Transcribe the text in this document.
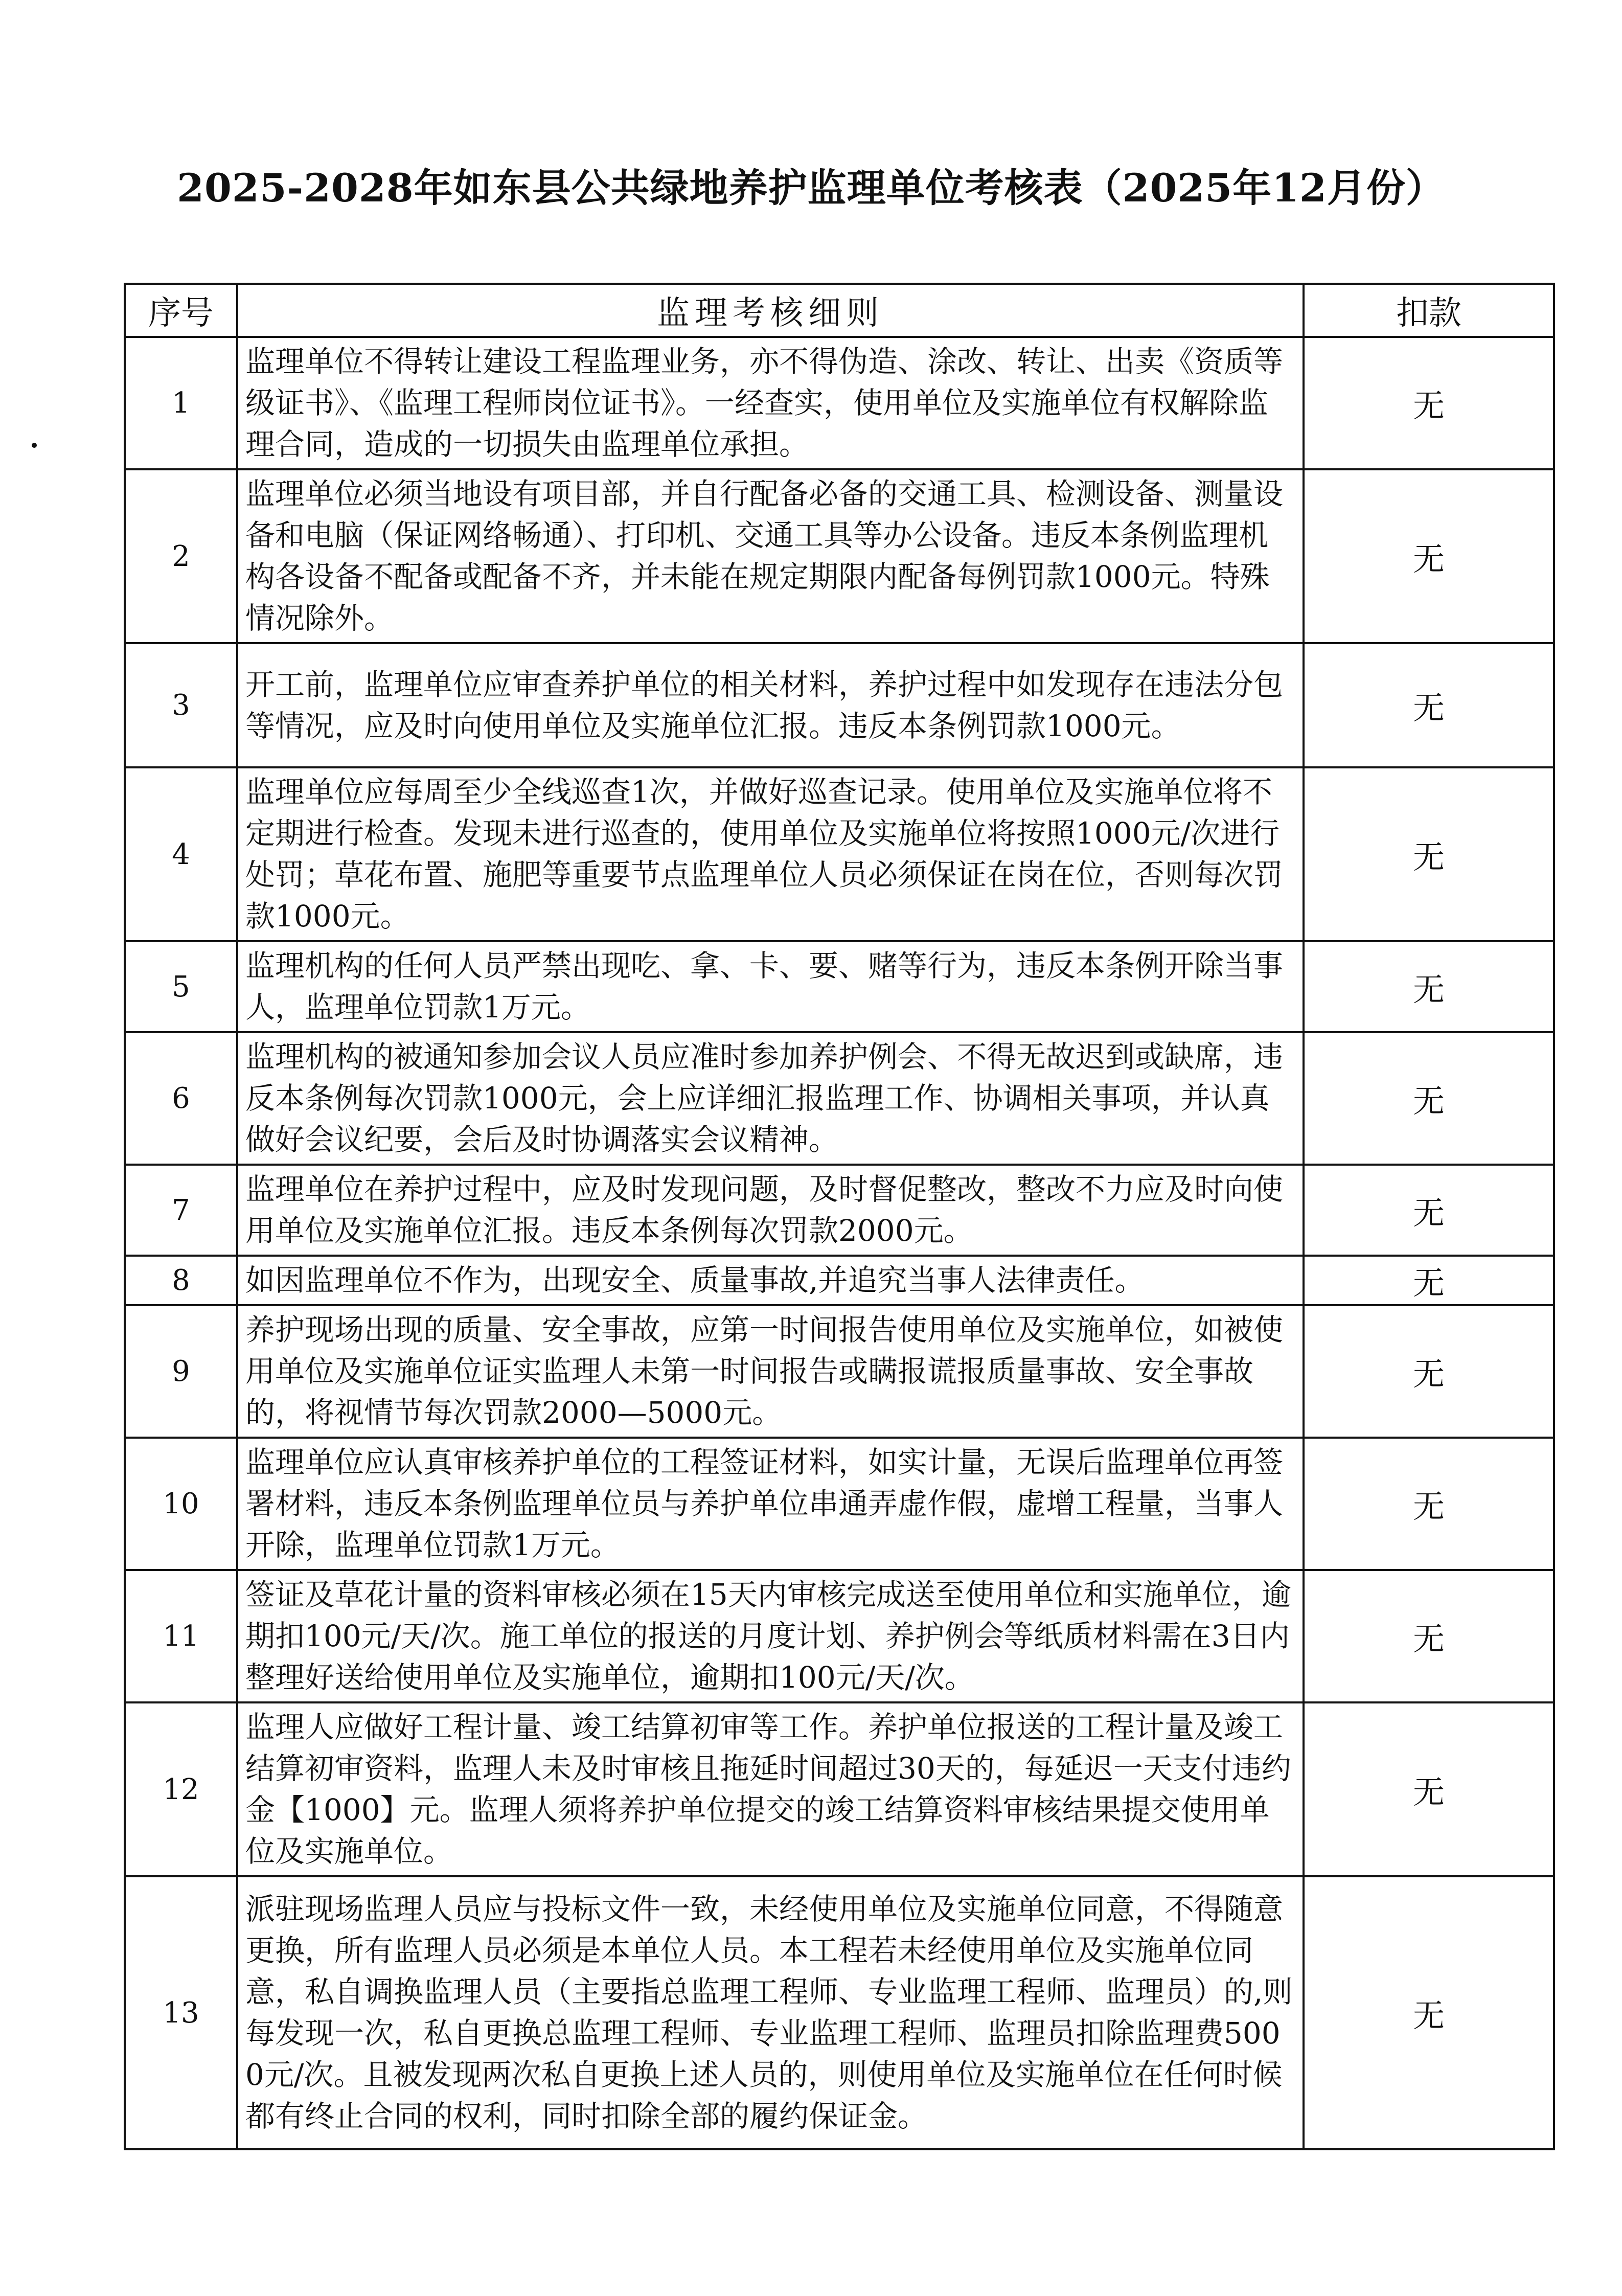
2025-2028年如东县公共绿地养护监理单位考核表（2025年12月份）
序号	监理考核细则	扣款
1	监理单位不得转让建设工程监理业务，亦不得伪造、涂改、转让、出卖《资质等级证书》、《监理工程师岗位证书》。一经查实，使用单位及实施单位有权解除监理合同，造成的一切损失由监理单位承担。	无
2	监理单位必须当地设有项目部，并自行配备必备的交通工具、检测设备、测量设备和电脑（保证网络畅通）、打印机、交通工具等办公设备。违反本条例监理机构各设备不配备或配备不齐，并未能在规定期限内配备每例罚款1000元。特殊情况除外。	无
3	开工前，监理单位应审查养护单位的相关材料，养护过程中如发现存在违法分包等情况，应及时向使用单位及实施单位汇报。违反本条例罚款1000元。	无
4	监理单位应每周至少全线巡查1次，并做好巡查记录。使用单位及实施单位将不定期进行检查。发现未进行巡查的，使用单位及实施单位将按照1000元/次进行处罚；草花布置、施肥等重要节点监理单位人员必须保证在岗在位，否则每次罚款1000元。	无
5	监理机构的任何人员严禁出现吃、拿、卡、要、赌等行为，违反本条例开除当事人，监理单位罚款1万元。	无
6	监理机构的被通知参加会议人员应准时参加养护例会、不得无故迟到或缺席，违反本条例每次罚款1000元，会上应详细汇报监理工作、协调相关事项，并认真做好会议纪要，会后及时协调落实会议精神。	无
7	监理单位在养护过程中，应及时发现问题，及时督促整改，整改不力应及时向使用单位及实施单位汇报。违反本条例每次罚款2000元。	无
8	如因监理单位不作为，出现安全、质量事故,并追究当事人法律责任。	无
9	养护现场出现的质量、安全事故，应第一时间报告使用单位及实施单位，如被使用单位及实施单位证实监理人未第一时间报告或瞒报谎报质量事故、安全事故的，将视情节每次罚款2000—5000元。	无
10	监理单位应认真审核养护单位的工程签证材料，如实计量，无误后监理单位再签署材料，违反本条例监理单位员与养护单位串通弄虚作假，虚增工程量，当事人开除，监理单位罚款1万元。	无
11	签证及草花计量的资料审核必须在15天内审核完成送至使用单位和实施单位，逾期扣100元/天/次。施工单位的报送的月度计划、养护例会等纸质材料需在3日内整理好送给使用单位及实施单位，逾期扣100元/天/次。	无
12	监理人应做好工程计量、竣工结算初审等工作。养护单位报送的工程计量及竣工结算初审资料，监理人未及时审核且拖延时间超过30天的，每延迟一天支付违约金【1000】元。监理人须将养护单位提交的竣工结算资料审核结果提交使用单位及实施单位。	无
13	派驻现场监理人员应与投标文件一致，未经使用单位及实施单位同意，不得随意更换，所有监理人员必须是本单位人员。本工程若未经使用单位及实施单位同意，私自调换监理人员（主要指总监理工程师、专业监理工程师、监理员）的,则每发现一次，私自更换总监理工程师、专业监理工程师、监理员扣除监理费5000元/次。且被发现两次私自更换上述人员的，则使用单位及实施单位在任何时候都有终止合同的权利，同时扣除全部的履约保证金。	无
